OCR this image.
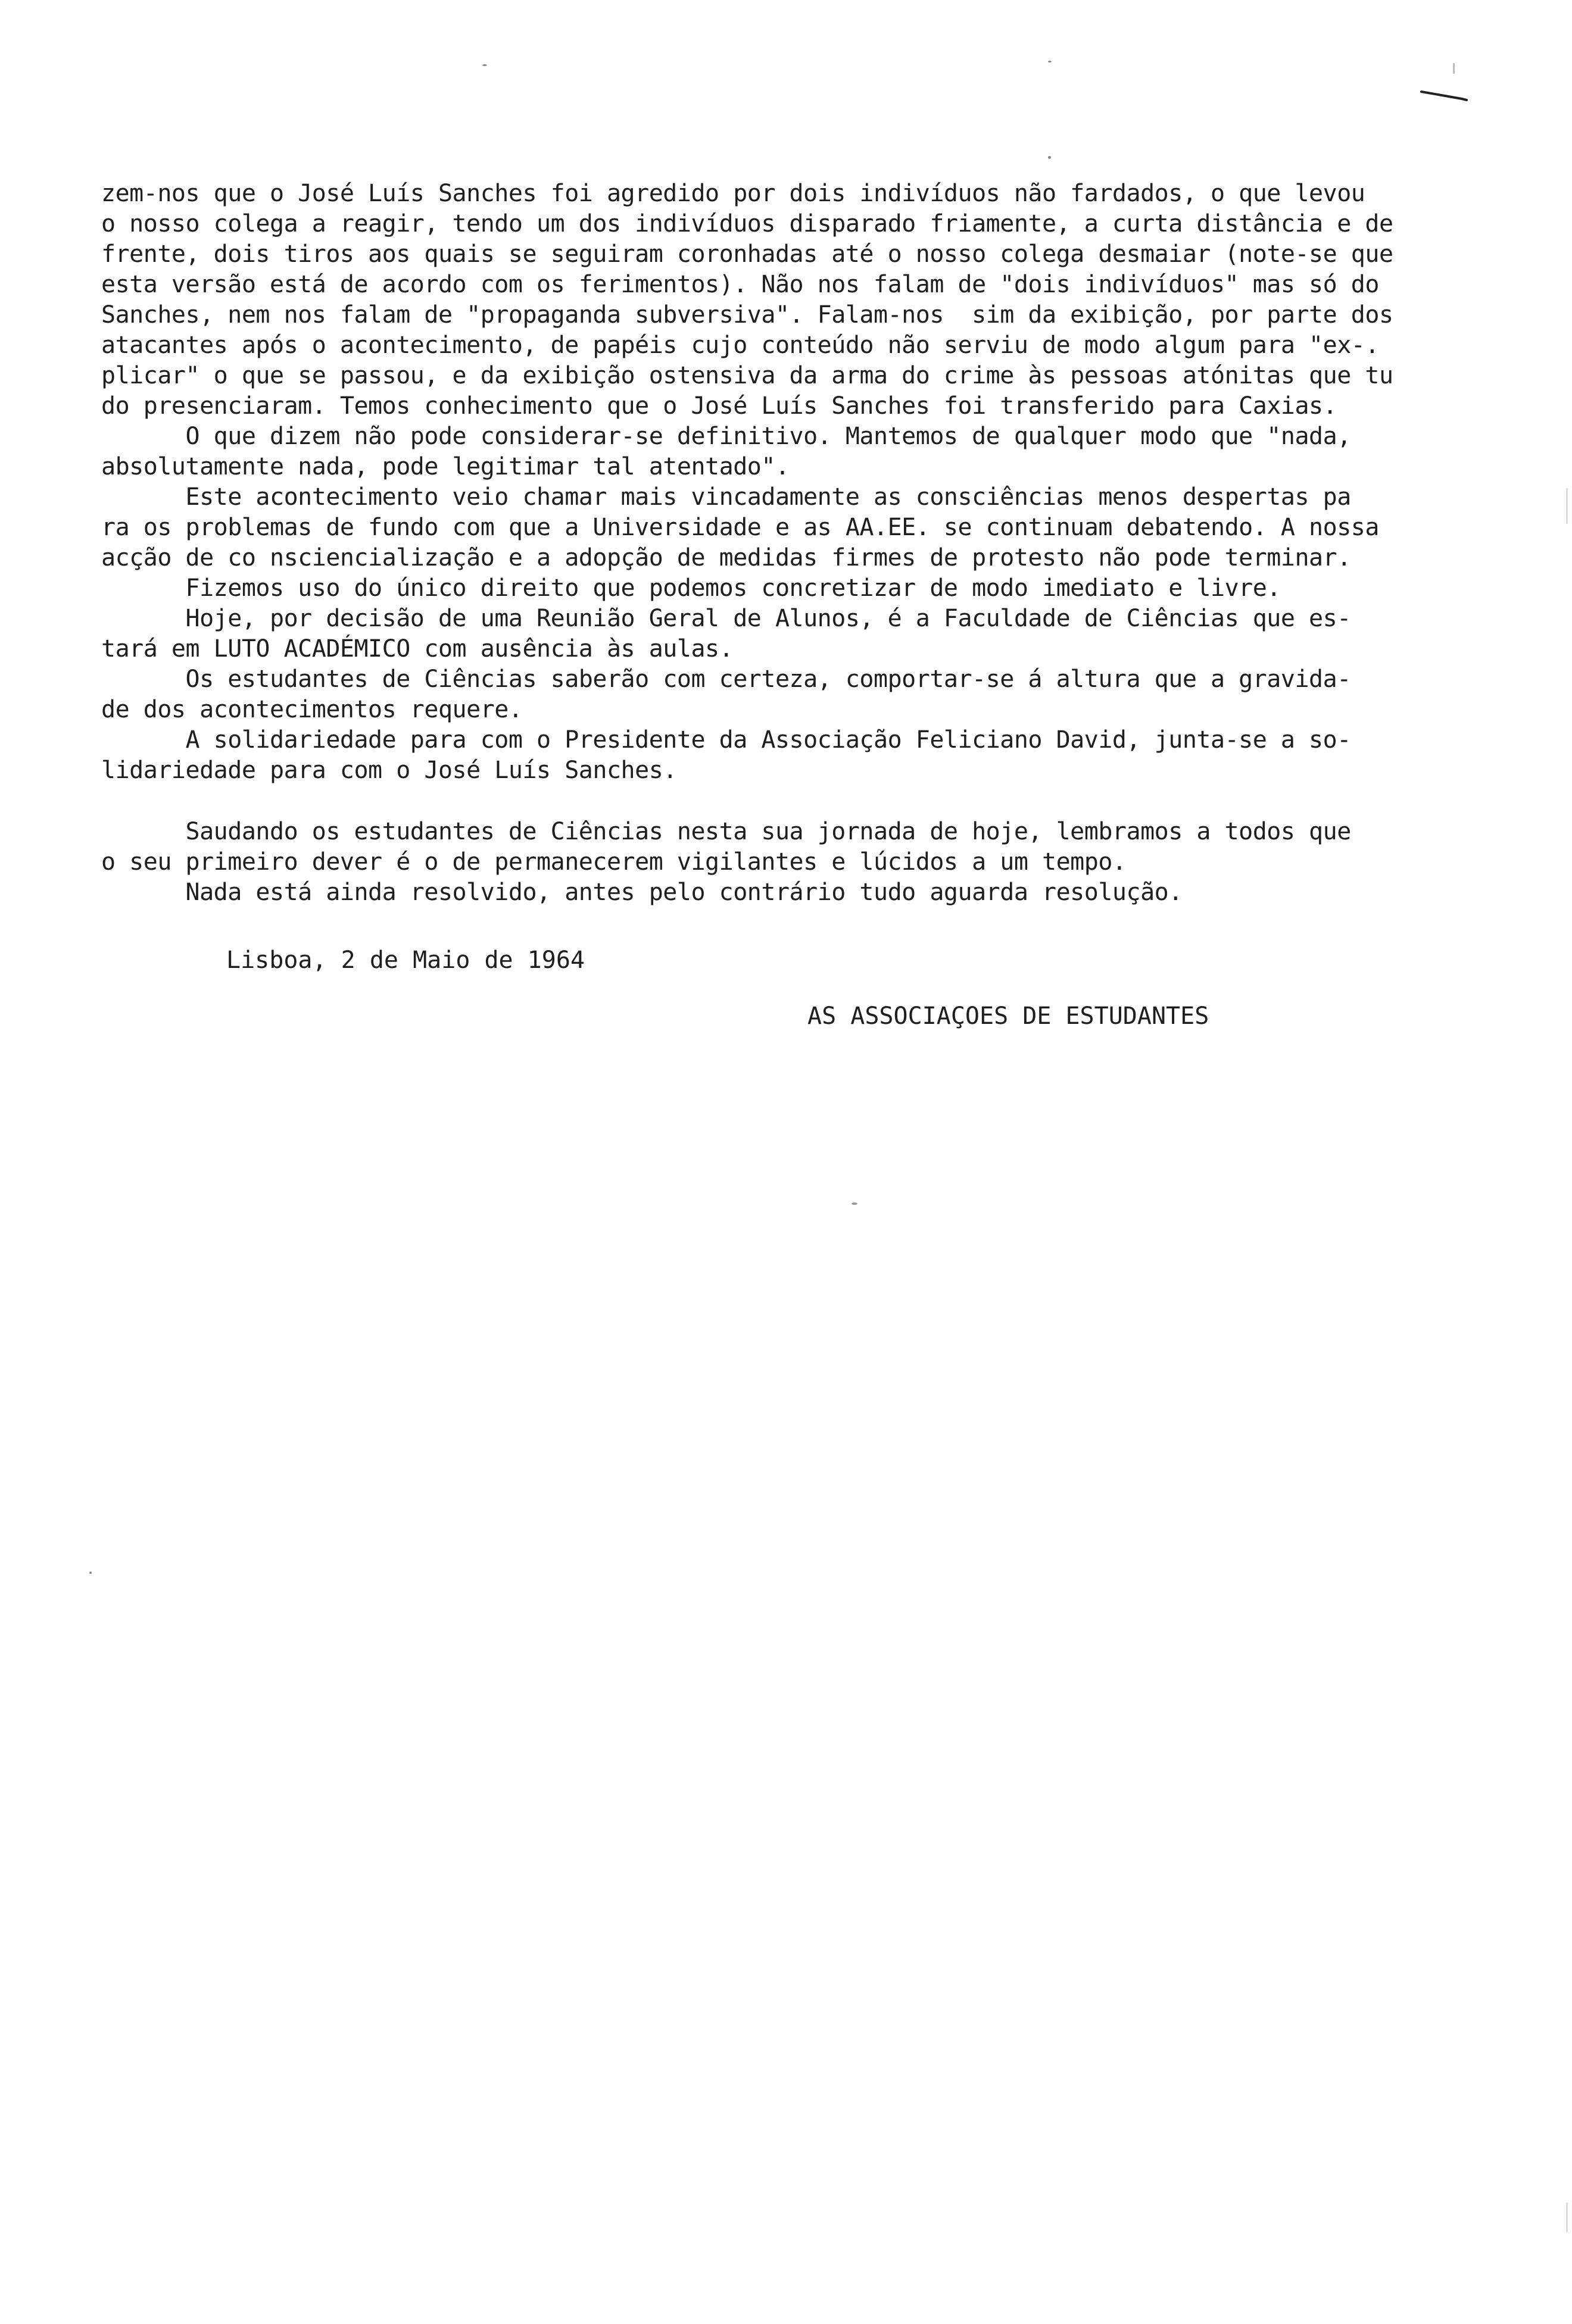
zem-nos que o José Luís Sanches foi agredido por dois indivíduos não fardados, o que levou
o nosso colega a reagir, tendo um dos indivíduos disparado friamente, a curta distância e de
frente, dois tiros aos quais se seguiram coronhadas até o nosso colega desmaiar (note-se que
esta versão está de acordo com os ferimentos). Não nos falam de "dois indivíduos" mas só do
Sanches, nem nos falam de "propaganda subversiva". Falam-nos  sim da exibição, por parte dos
atacantes após o acontecimento, de papéis cujo conteúdo não serviu de modo algum para "ex-.
plicar" o que se passou, e da exibição ostensiva da arma do crime às pessoas atónitas que tu
do presenciaram. Temos conhecimento que o José Luís Sanches foi transferido para Caxias.
O que dizem não pode considerar-se definitivo. Mantemos de qualquer modo que "nada,
absolutamente nada, pode legitimar tal atentado".
Este acontecimento veio chamar mais vincadamente as consciências menos despertas pa
ra os problemas de fundo com que a Universidade e as AA.EE. se continuam debatendo. A nossa
acção de co nsciencialização e a adopção de medidas firmes de protesto não pode terminar.
Fizemos uso do único direito que podemos concretizar de modo imediato e livre.
Hoje, por decisão de uma Reunião Geral de Alunos, é a Faculdade de Ciências que es-
tará em LUTO ACADÉMICO com ausência às aulas.
Os estudantes de Ciências saberão com certeza, comportar-se á altura que a gravida-
de dos acontecimentos requere.
A solidariedade para com o Presidente da Associação Feliciano David, junta-se a so-
lidariedade para com o José Luís Sanches.
Saudando os estudantes de Ciências nesta sua jornada de hoje, lembramos a todos que
o seu primeiro dever é o de permanecerem vigilantes e lúcidos a um tempo.
Nada está ainda resolvido, antes pelo contrário tudo aguarda resolução.
Lisboa, 2 de Maio de 1964
AS ASSOCIAÇOES DE ESTUDANTES
